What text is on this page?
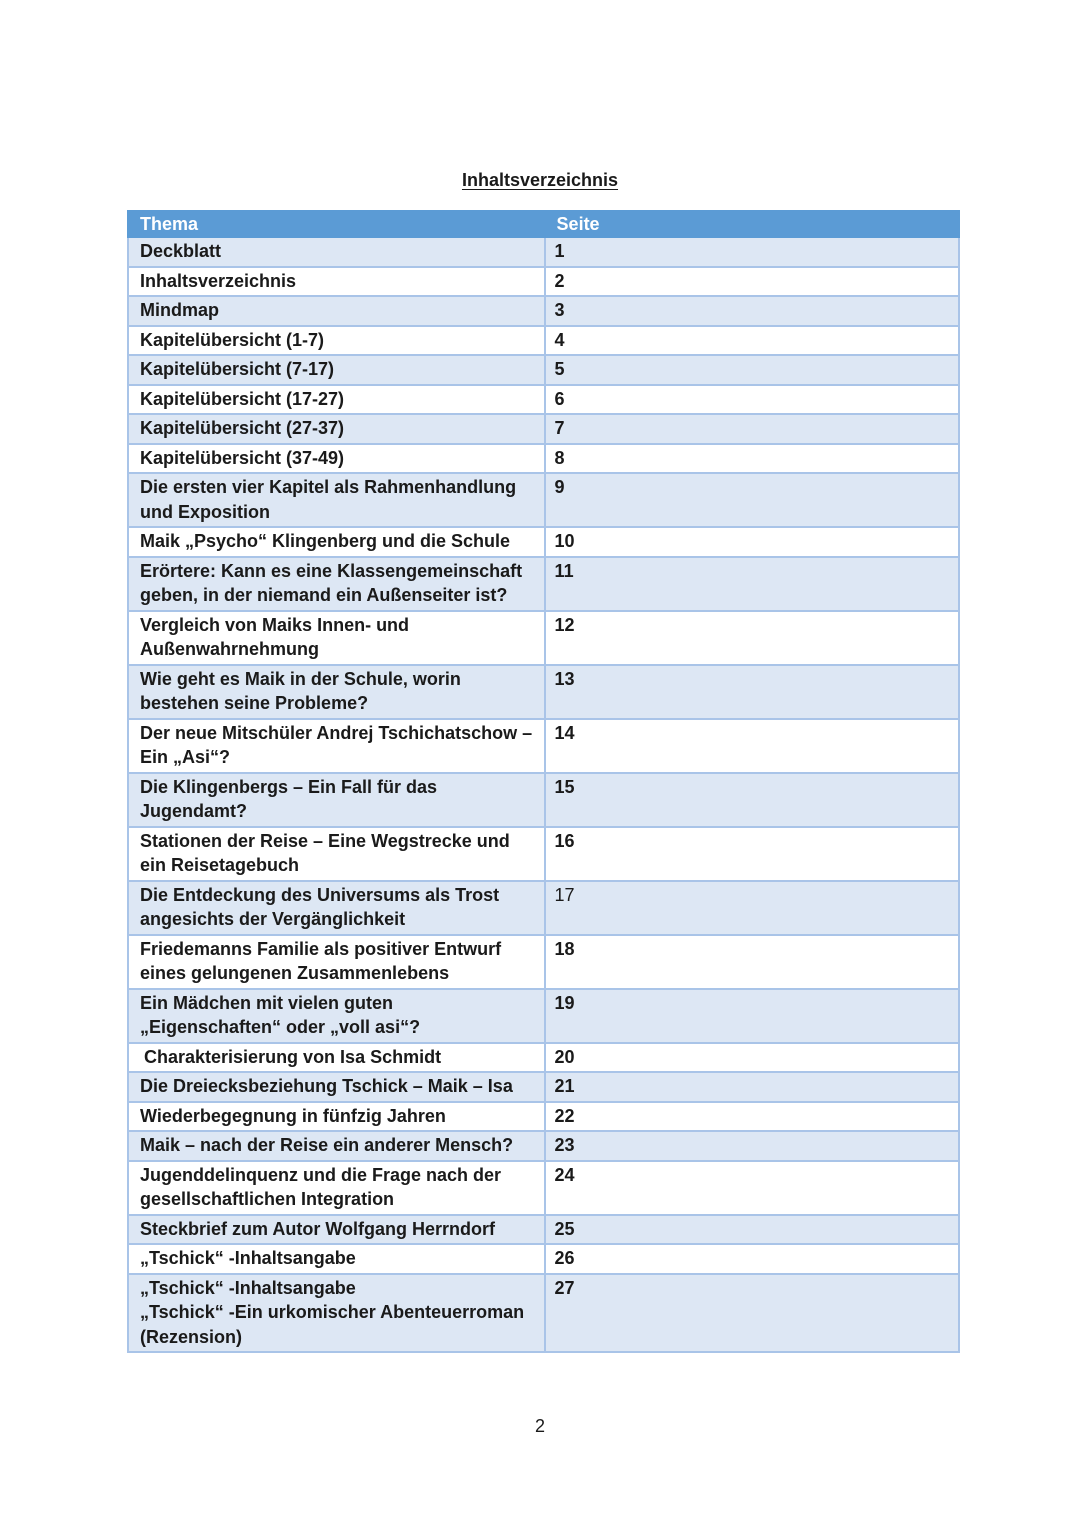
Inhaltsverzeichnis
Thema	Seite
Deckblatt	1
Inhaltsverzeichnis	2
Mindmap	3
Kapitelübersicht (1-7)	4
Kapitelübersicht (7-17)	5
Kapitelübersicht (17-27)	6
Kapitelübersicht (27-37)	7
Kapitelübersicht (37-49)	8
Die ersten vier Kapitel als Rahmenhandlung und Exposition	9
Maik „Psycho“ Klingenberg und die Schule	10
Erörtere: Kann es eine Klassengemeinschaft geben, in der niemand ein Außenseiter ist?	11
Vergleich von Maiks Innen- und Außenwahrnehmung	12
Wie geht es Maik in der Schule, worin bestehen seine Probleme?	13
Der neue Mitschüler Andrej Tschichatschow – Ein „Asi“?	14
Die Klingenbergs – Ein Fall für das Jugendamt?	15
Stationen der Reise – Eine Wegstrecke und ein Reisetagebuch	16
Die Entdeckung des Universums als Trost angesichts der Vergänglichkeit	17
Friedemanns Familie als positiver Entwurf eines gelungenen Zusammenlebens	18
Ein Mädchen mit vielen guten „Eigenschaften“ oder „voll asi“?	19
Charakterisierung von Isa Schmidt	20
Die Dreiecksbeziehung Tschick – Maik – Isa	21
Wiederbegegnung in fünfzig Jahren	22
Maik – nach der Reise ein anderer Mensch?	23
Jugenddelinquenz und die Frage nach der gesellschaftlichen Integration	24
Steckbrief zum Autor Wolfgang Herrndorf	25
„Tschick“ -Inhaltsangabe	26

„Tschick“ -Inhaltsangabe
„Tschick“ -Ein urkomischer Abenteuerroman
(Rezension)	27
2
